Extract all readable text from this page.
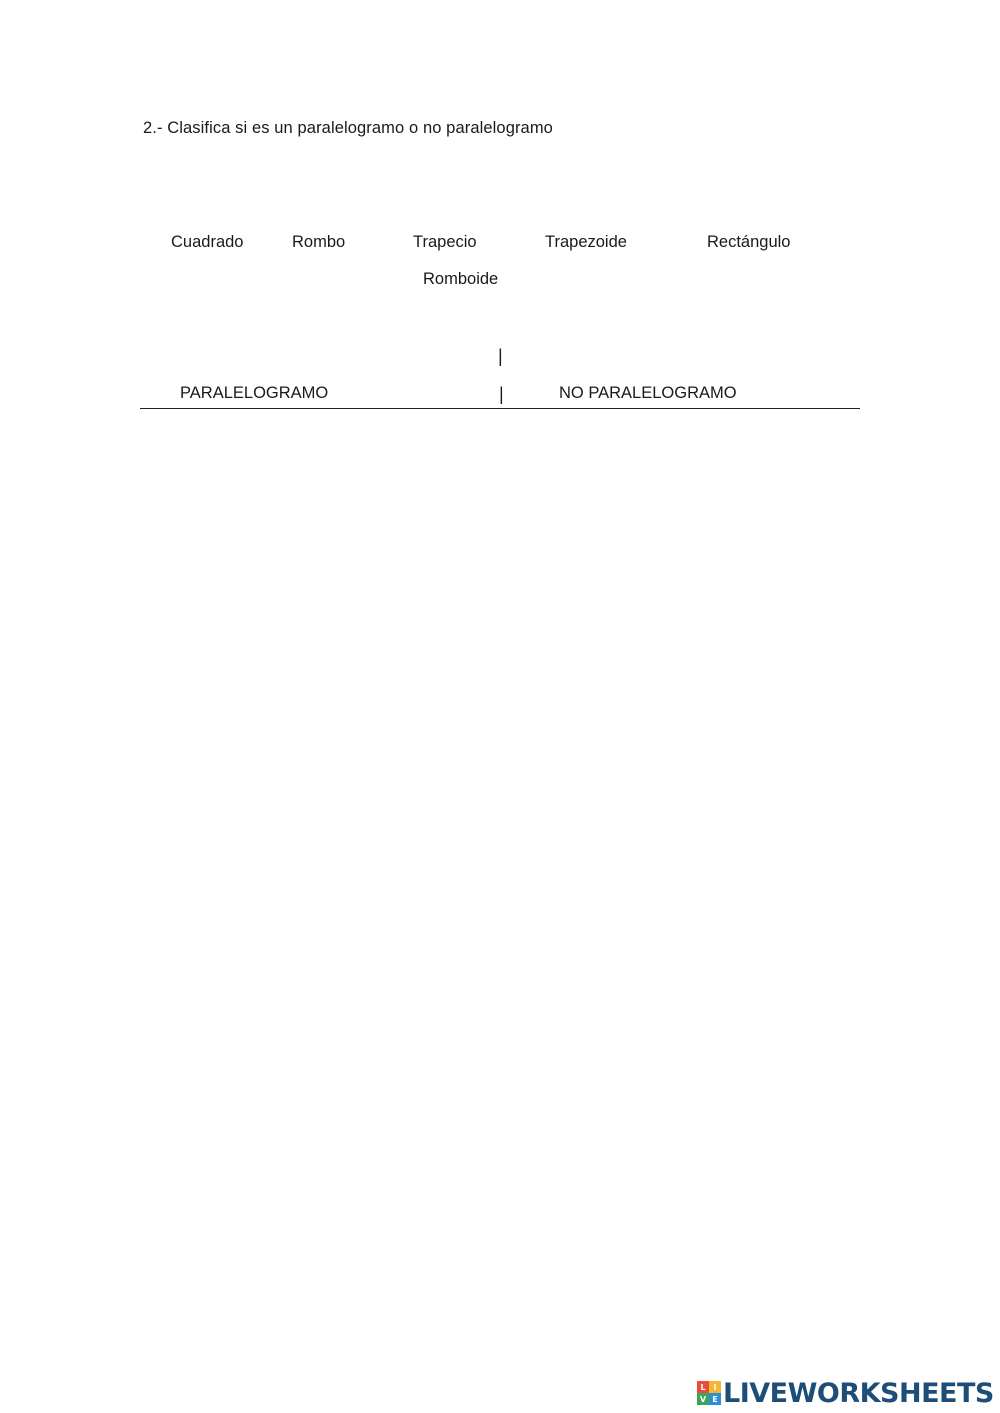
2.- Clasifica si es un paralelogramo o no paralelogramo
Cuadrado	Rombo	Trapecio	Trapezoide	Rectángulo
Romboide
|
|
PARALELOGRAMO	NO PARALELOGRAMO
L I
V E LIVEWORKSHEETS
